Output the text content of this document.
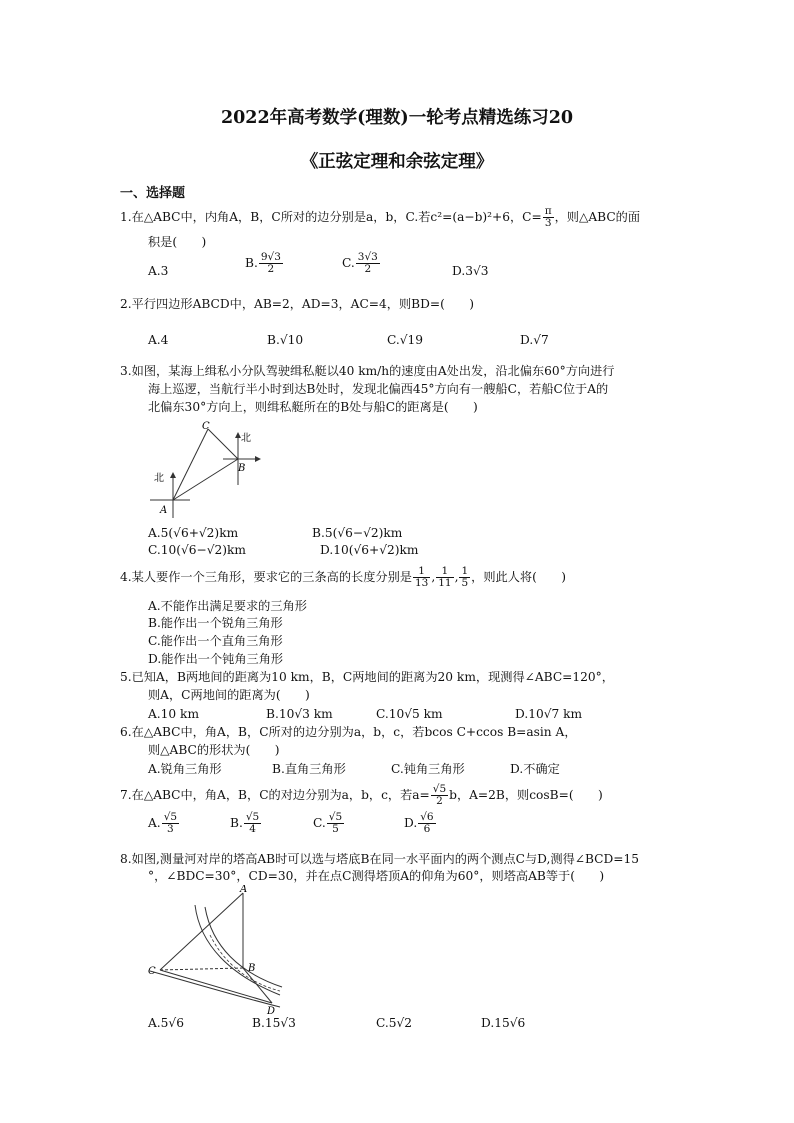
2022年高考数学(理数)一轮考点精选练习20
《正弦定理和余弦定理》
一、选择题
1.在△ABC中，内角A，B，C所对的边分别是a，b，C.若c²=(a−b)²+6，$C= \frac{\pi}{3}$ ，则△ABC的面
积是(　　)
A.3
B. $\frac{9√3}{2}$	C. $\frac{3√3}{2}$	D.3√3
2.平行四边形ABCD中，AB=2，AD=3，AC=4，则BD=(　　)
A.4	B.√10	C.√19	D.√7
3.如图，某海上缉私小分队驾驶缉私艇以40 km/h的速度由A处出发，沿北偏东60°方向进行
海上巡逻，当航行半小时到达B处时，发现北偏西45°方向有一艘船C，若船C位于A的
北偏东30°方向上，则缉私艇所在的B处与船C的距离是(　　)
C
B
A
北
北
A.5(√6+√2)km	B.5(√6−√2)km
C.10(√6−√2)km	D.10(√6+√2)km
4.某人要作一个三角形，要求它的三条高的长度分别是 $\frac{1}{13}$ , $\frac{1}{11}$ , $\frac{1}{5}$ ，则此人将(　　)
A.不能作出满足要求的三角形
B.能作出一个锐角三角形
C.能作出一个直角三角形
D.能作出一个钝角三角形
5.已知A，B两地间的距离为10 km，B，C两地间的距离为20 km，现测得∠ABC=120°，
则A，C两地间的距离为(　　)
A.10 km	B.10√3 km	C.10√5 km	D.10√7 km
6.在△ABC中，角A，B，C所对的边分别为a，b，c，若bcos C+ccos B=asin A，
则△ABC的形状为(　　)
A.锐角三角形	B.直角三角形	C.钝角三角形	D.不确定
7.在△ABC中，角A，B，C的对边分别为a，b，c，若$a= \frac{√5}{2}$ b，A=2B，则cosB=(　　)
A. $\frac{√5}{3}$	B. $\frac{√5}{4}$	C. $\frac{√5}{5}$	D. $\frac{√6}{6}$
8.如图,测量河对岸的塔高AB时可以选与塔底B在同一水平面内的两个测点C与D,测得∠BCD=15
°，∠BDC=30°，CD=30，并在点C测得塔顶A的仰角为60°，则塔高AB等于(　　)
A
B
C
D
A.5√6	B.15√3	C.5√2	D.15√6
